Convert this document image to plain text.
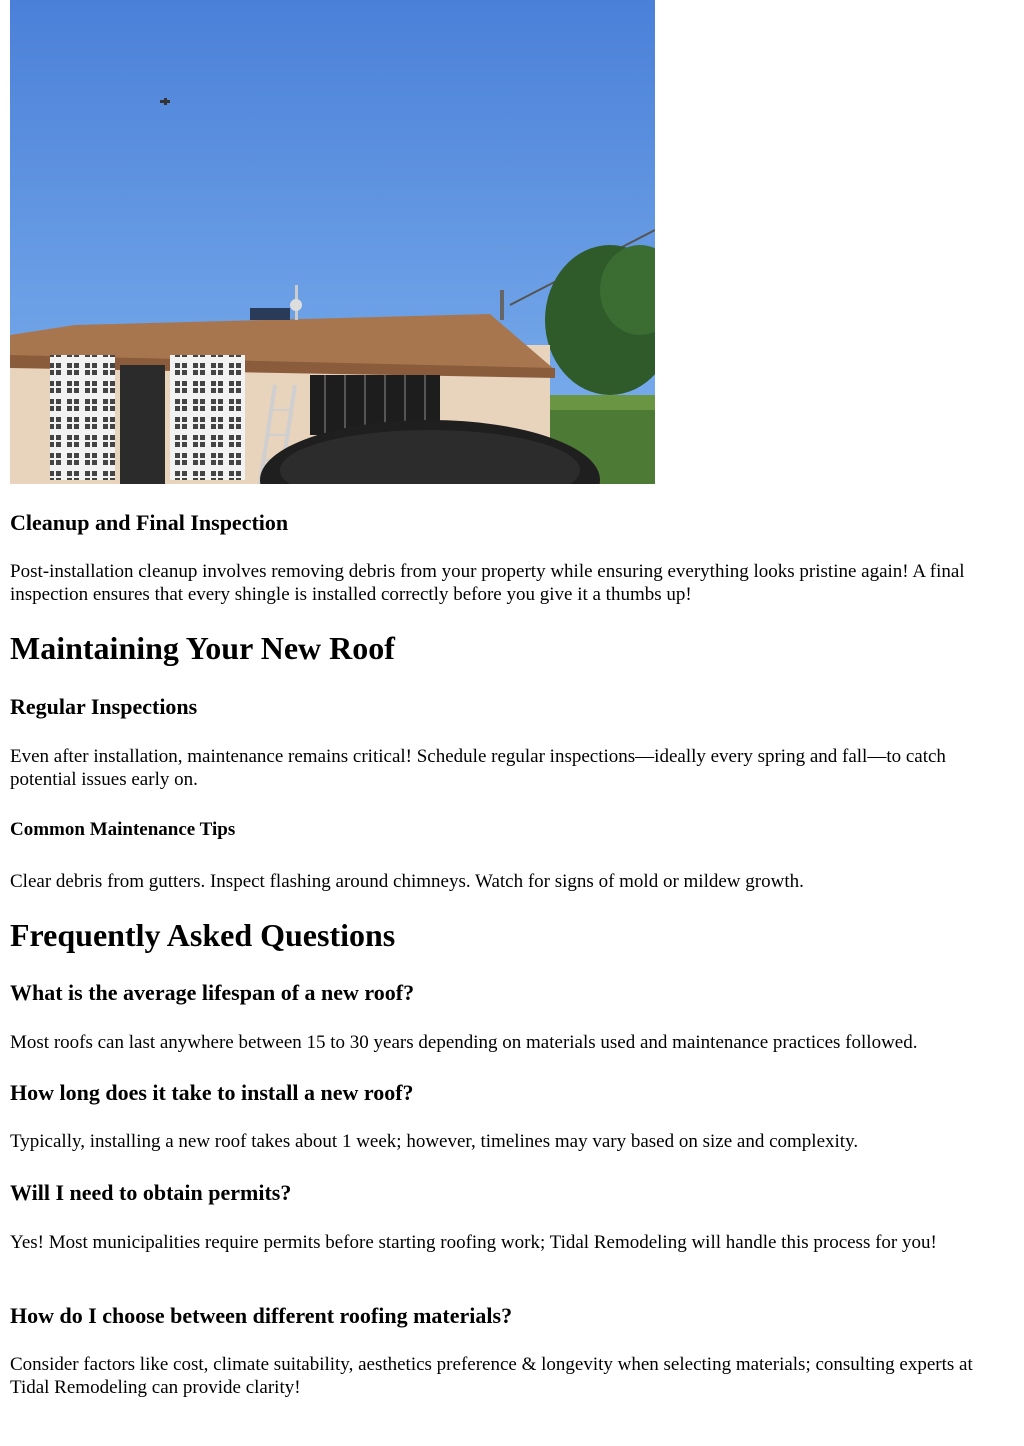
Cleanup and Final Inspection

Post-installation cleanup involves removing debris from your property while ensuring everything looks pristine again! A final inspection ensures that every shingle is installed correctly before you give it a thumbs up!

Maintaining Your New Roof
Regular Inspections

Even after installation, maintenance remains critical! Schedule regular inspections—ideally every spring and fall—to catch potential issues early on.

Common Maintenance Tips

Clear debris from gutters. Inspect flashing around chimneys. Watch for signs of mold or mildew growth.

Frequently Asked Questions
What is the average lifespan of a new roof?

Most roofs can last anywhere between 15 to 30 years depending on materials used and maintenance practices followed.

How long does it take to install a new roof?

Typically, installing a new roof takes about 1 week; however, timelines may vary based on size and complexity.

Will I need to obtain permits?

Yes! Most municipalities require permits before starting roofing work; Tidal Remodeling will handle this process for you!

How do I choose between different roofing materials?

Consider factors like cost, climate suitability, aesthetics preference & longevity when selecting materials; consulting experts at Tidal Remodeling can provide clarity!
